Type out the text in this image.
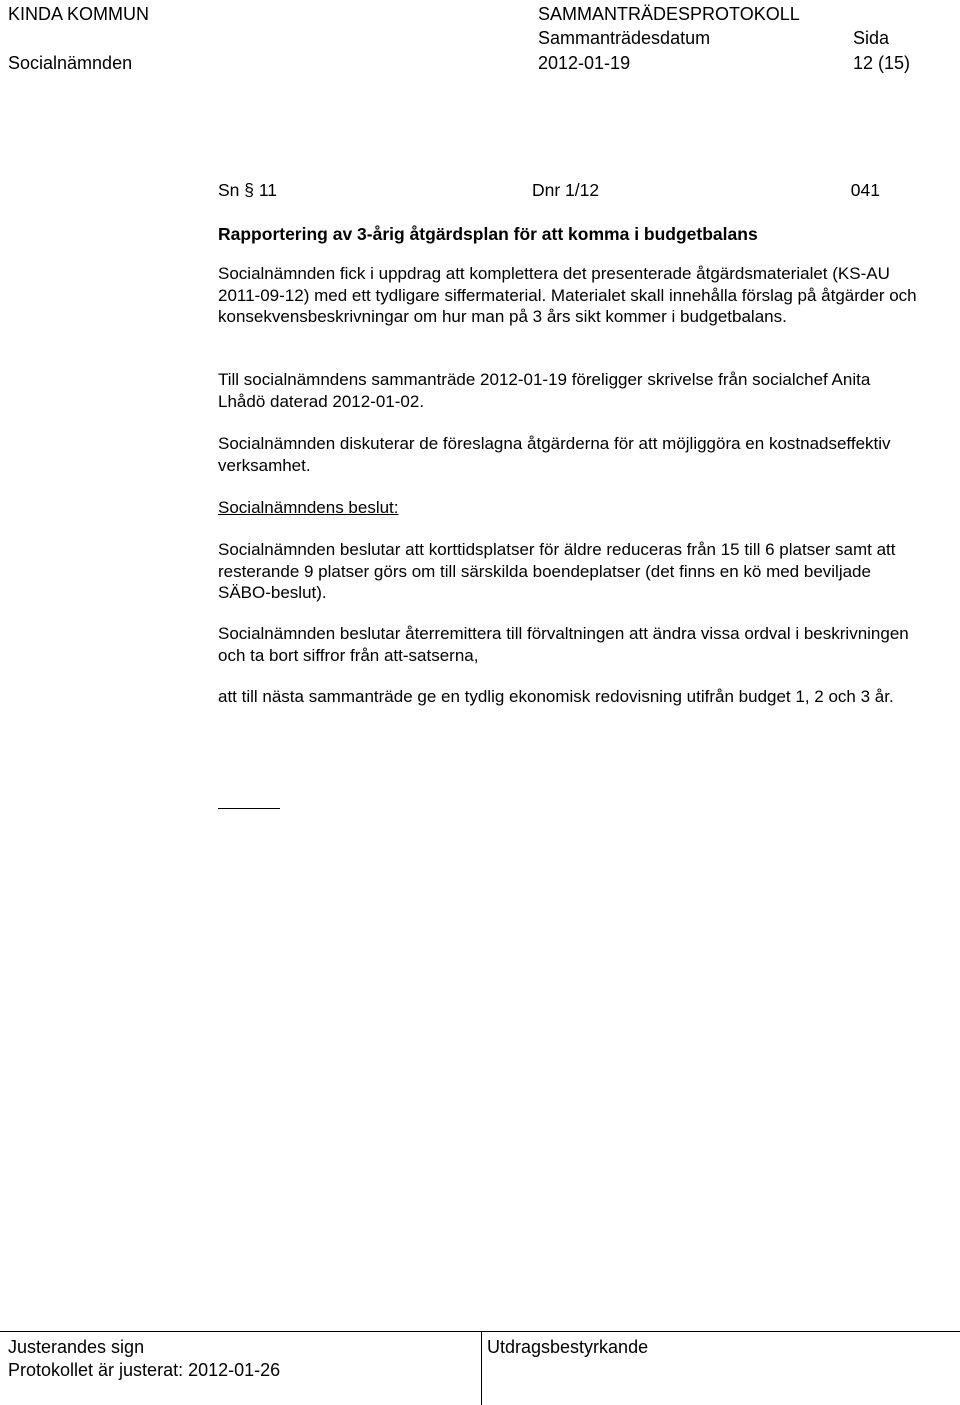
KINDA KOMMUN	SAMMANTRÄDESPROTOKOLL
Sammanträdesdatum	Sida
Socialnämnden	2012-01-19	12 (15)
Sn § 11	Dnr 1/12	041
Rapportering av 3-årig åtgärdsplan för att komma i budgetbalans

Socialnämnden fick i uppdrag att komplettera det presenterade åtgärdsmaterialet (KS-AU 2011-09-12) med ett tydligare siffermaterial. Materialet skall innehålla förslag på åtgärder och konsekvensbeskrivningar om hur man på 3 års sikt kommer i budgetbalans.

Till socialnämndens sammanträde 2012-01-19 föreligger skrivelse från socialchef Anita Lhådö daterad 2012-01-02.

Socialnämnden diskuterar de föreslagna åtgärderna för att möjliggöra en kostnadseffektiv verksamhet.

Socialnämndens beslut:

Socialnämnden beslutar att korttidsplatser för äldre reduceras från 15 till 6 platser samt att resterande 9 platser görs om till särskilda boendeplatser (det finns en kö med beviljade SÄBO-beslut).

Socialnämnden beslutar återremittera till förvaltningen att ändra vissa ordval i beskrivningen och ta bort siffror från att-satserna,

att till nästa sammanträde ge en tydlig ekonomisk redovisning utifrån budget 1, 2 och 3 år.

Justerandes sign
Protokollet är justerat: 2012-01-26
Utdragsbestyrkande
